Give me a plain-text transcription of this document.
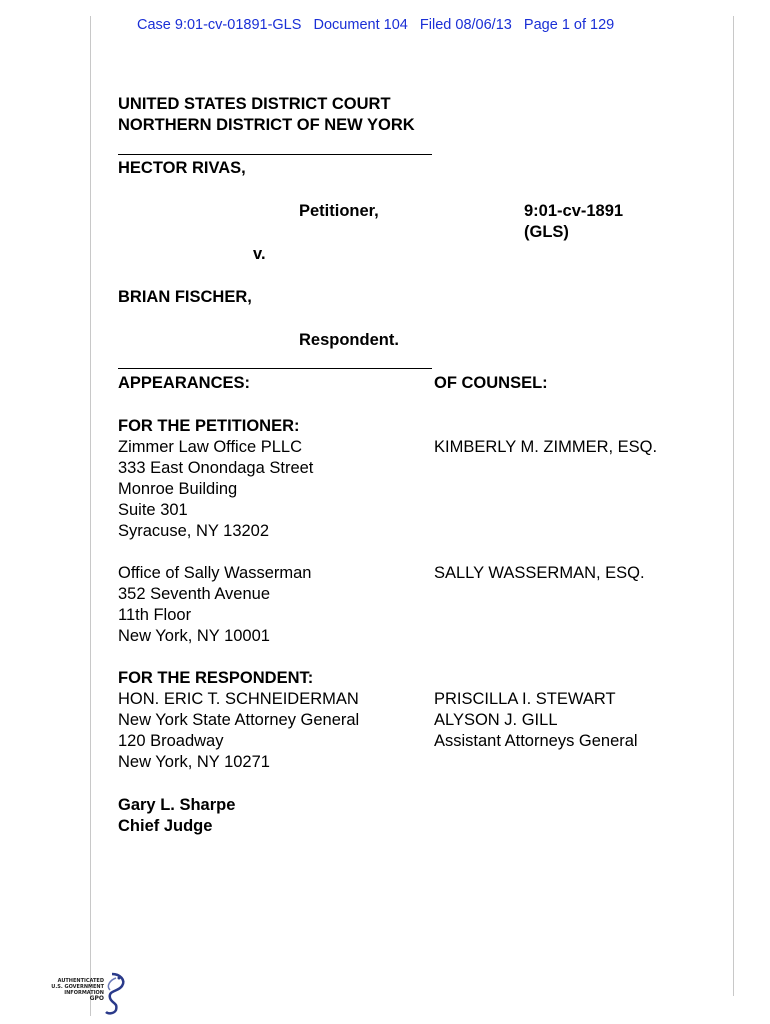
Case 9:01-cv-01891-GLS Document 104 Filed 08/06/13 Page 1 of 129
UNITED STATES DISTRICT COURT
NORTHERN DISTRICT OF NEW YORK
HECTOR RIVAS,
Petitioner,	9:01-cv-1891
(GLS)
v.
BRIAN FISCHER,
Respondent.
APPEARANCES:	OF COUNSEL:
FOR THE PETITIONER:
Zimmer Law Office PLLC
333 East Onondaga Street
Monroe Building
Suite 301
Syracuse, NY 13202
KIMBERLY M. ZIMMER, ESQ.
Office of Sally Wasserman
352 Seventh Avenue
11th Floor
New York, NY 10001
SALLY WASSERMAN, ESQ.
FOR THE RESPONDENT:
HON. ERIC T. SCHNEIDERMAN
New York State Attorney General
120 Broadway
New York, NY 10271
PRISCILLA I. STEWART
ALYSON J. GILL
Assistant Attorneys General
Gary L. Sharpe
Chief Judge
AUTHENTICATED
U.S. GOVERNMENT
INFORMATION
GPO
